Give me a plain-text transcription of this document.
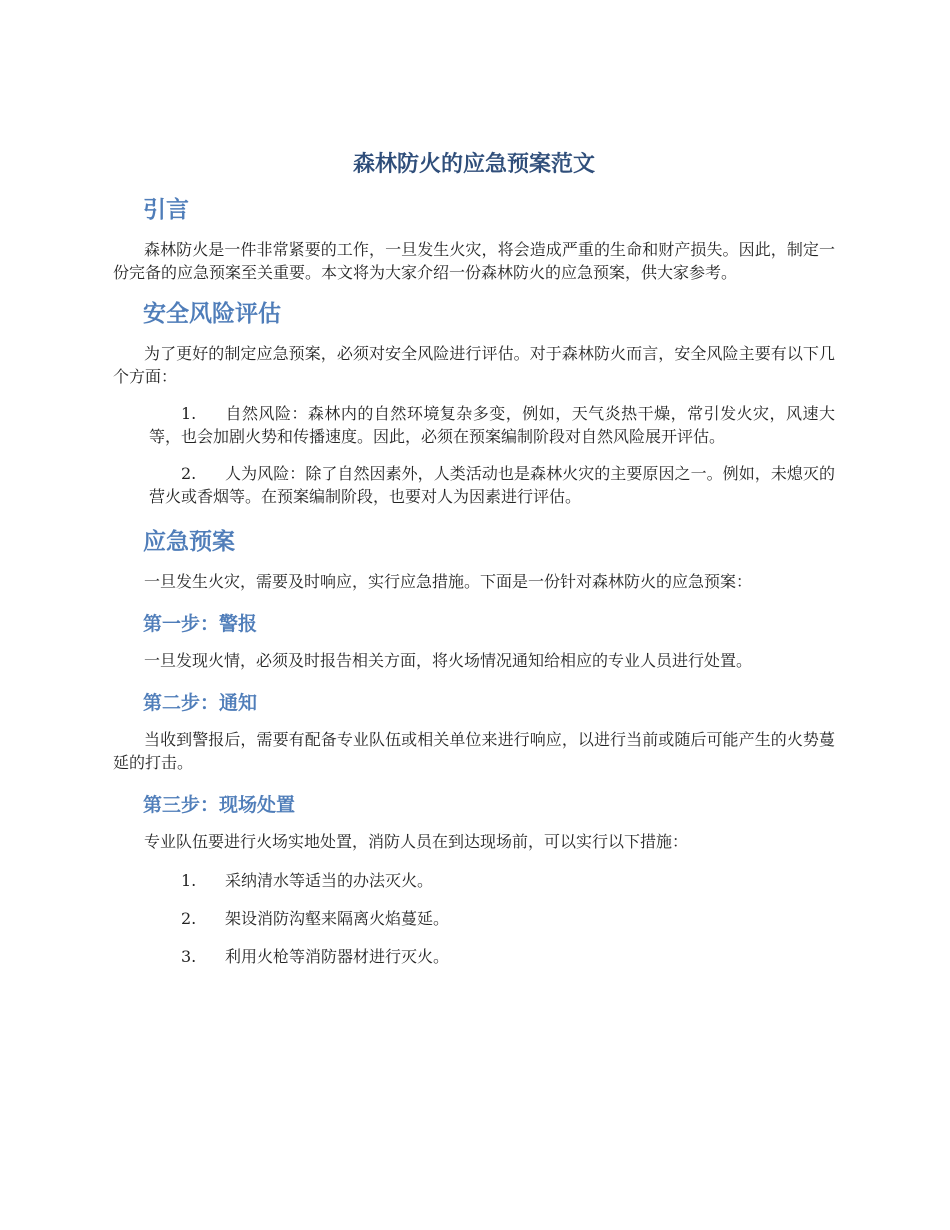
森林防火的应急预案范文
引言

森林防火是一件非常紧要的工作，一旦发生火灾，将会造成严重的生命和财产损失。因此，制定一份完备的应急预案至关重要。本文将为大家介绍一份森林防火的应急预案，供大家参考。

安全风险评估

为了更好的制定应急预案，必须对安全风险进行评估。对于森林防火而言，安全风险主要有以下几个方面：

1. 自然风险：森林内的自然环境复杂多变，例如，天气炎热干燥，常引发火灾，风速大等，也会加剧火势和传播速度。因此，必须在预案编制阶段对自然风险展开评估。
2. 人为风险：除了自然因素外，人类活动也是森林火灾的主要原因之一。例如，未熄灭的营火或香烟等。在预案编制阶段，也要对人为因素进行评估。
应急预案

一旦发生火灾，需要及时响应，实行应急措施。下面是一份针对森林防火的应急预案：

第一步：警报

一旦发现火情，必须及时报告相关方面，将火场情况通知给相应的专业人员进行处置。

第二步：通知

当收到警报后，需要有配备专业队伍或相关单位来进行响应，以进行当前或随后可能产生的火势蔓延的打击。

第三步：现场处置

专业队伍要进行火场实地处置，消防人员在到达现场前，可以实行以下措施：

1. 采纳清水等适当的办法灭火。
2. 架设消防沟壑来隔离火焰蔓延。
3. 利用火枪等消防器材进行灭火。
